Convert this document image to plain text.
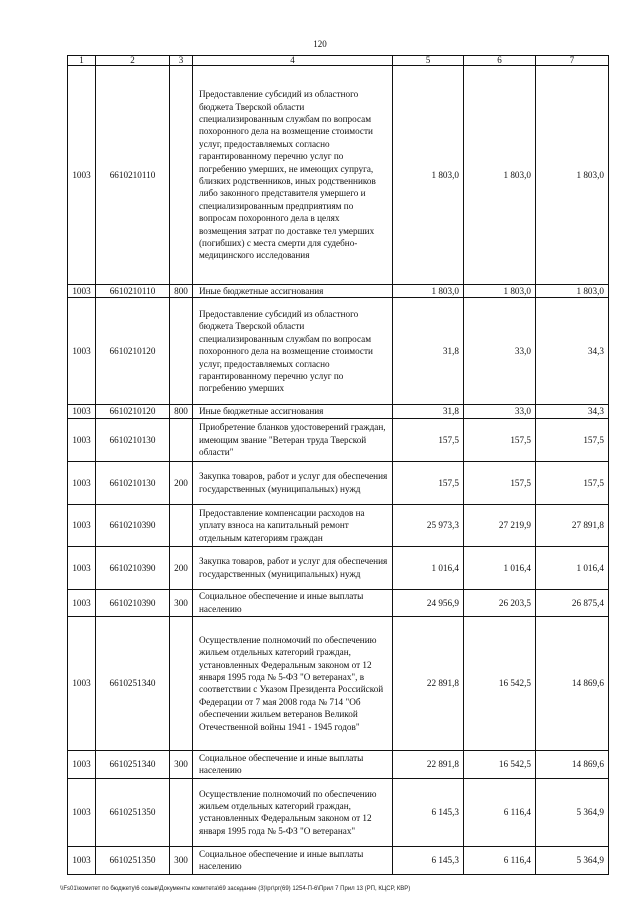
120
1	2	3	4	5	6	7
1003	6610210110		Предоставление субсидий из областного бюджета Тверской области специализированным службам по вопросам похоронного дела на возмещение стоимости услуг, предоставляемых согласно гарантированному перечню услуг по погребению умерших, не имеющих супруга, близких родственников, иных родственников либо законного представителя умершего и специализированным предприятиям по вопросам похоронного дела в целях возмещения затрат по доставке тел умерших (погибших) с места смерти для судебно-медицинского исследования	1 803,0	1 803,0	1 803,0
1003	6610210110	800	Иные бюджетные ассигнования	1 803,0	1 803,0	1 803,0
1003	6610210120		Предоставление субсидий из областного бюджета Тверской области специализированным службам по вопросам похоронного дела на возмещение стоимости услуг, предоставляемых согласно гарантированному перечню услуг по погребению умерших	31,8	33,0	34,3
1003	6610210120	800	Иные бюджетные ассигнования	31,8	33,0	34,3
1003	6610210130		Приобретение бланков удостоверений граждан, имеющим звание "Ветеран труда Тверской области"	157,5	157,5	157,5
1003	6610210130	200	Закупка товаров, работ и услуг для обеспечения государственных (муниципальных) нужд	157,5	157,5	157,5
1003	6610210390		Предоставление компенсации расходов на уплату взноса на капитальный ремонт отдельным категориям граждан	25 973,3	27 219,9	27 891,8
1003	6610210390	200	Закупка товаров, работ и услуг для обеспечения государственных (муниципальных) нужд	1 016,4	1 016,4	1 016,4
1003	6610210390	300	Социальное обеспечение и иные выплаты населению	24 956,9	26 203,5	26 875,4
1003	6610251340		Осуществление полномочий по обеспечению жильем отдельных категорий граждан, установленных Федеральным законом от 12 января 1995 года № 5-ФЗ "О ветеранах", в соответствии с Указом Президента Российской Федерации от 7 мая 2008 года № 714 "Об обеспечении жильем ветеранов Великой Отечественной войны 1941 - 1945 годов"	22 891,8	16 542,5	14 869,6
1003	6610251340	300	Социальное обеспечение и иные выплаты населению	22 891,8	16 542,5	14 869,6
1003	6610251350		Осуществление полномочий по обеспечению жильем отдельных категорий граждан, установленных Федеральным законом от 12 января 1995 года № 5-ФЗ "О ветеранах"	6 145,3	6 116,4	5 364,9
1003	6610251350	300	Социальное обеспечение и иные выплаты населению	6 145,3	6 116,4	5 364,9
\\Fs01\комитет по бюджету\6 созыв\Документы комитета\69 заседание (3)\рг\рг(69) 1254-П-6\Прил 7 Прил 13 (РП, КЦСР, КВР)
